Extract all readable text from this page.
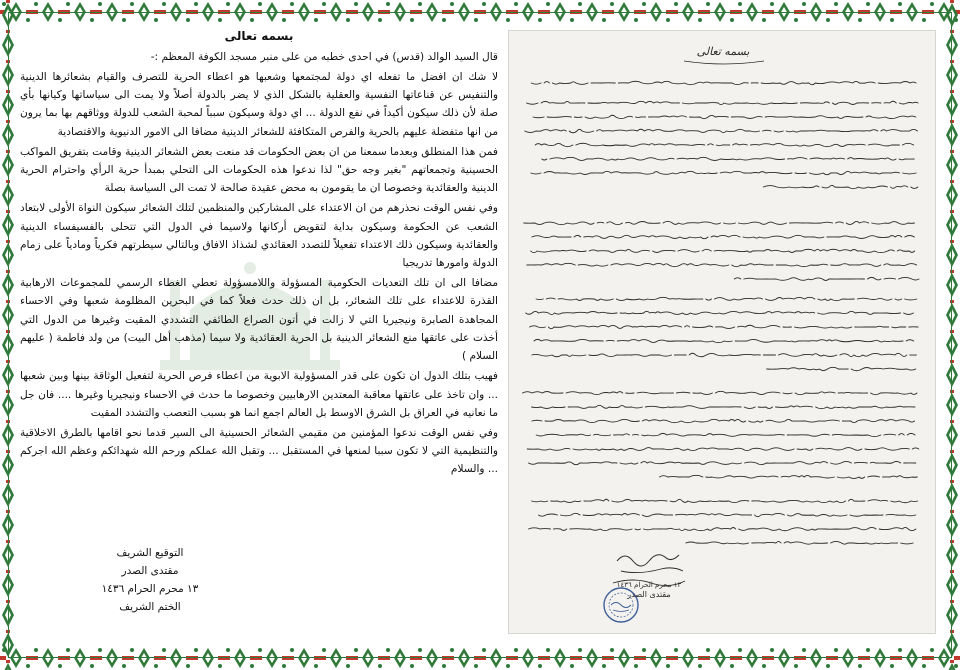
بسمه تعالى

قال السيد الوالد (قدس) في احدى خطبه من على منبر مسجد الكوفة المعظم :-

لا شك ان افضل ما تفعله اي دولة لمجتمعها وشعبها هو اعطاء الحرية للتصرف والقيام بشعائرها الدينية والتنفيس عن قناعاتها النفسية والعقلية بالشكل الذي لا يضر بالدولة أصلاً ولا يمت الى سياساتها وكيانها بأي صلة لأن ذلك سيكون أكيداً في نفع الدولة ... اي دولة وسيكون سبباً لمحبة الشعب للدولة ووثاقهم بها بما يرون من انها متفضلة عليهم بالحرية والفرص المتكافئة للشعائر الدينية مضافا الى الامور الدنيوية والاقتصادية

فمن هذا المنطلق وبعدما سمعنا من ان بعض الحكومات قد منعت بعض الشعائر الدينية وقامت بتفريق المواكب الحسينية وتجمعاتهم "بغير وجه حق" لذا ندعوا هذه الحكومات الى التحلي بمبدأ حرية الرأي واحترام الحرية الدينية والعقائدية وخصوصا ان ما يقومون به محض عقيدة صالحة لا تمت الى السياسة بصلة

وفي نفس الوقت نحذرهم من ان الاعتداء على المشاركين والمنظمين لتلك الشعائر سيكون النواة الأولى لابتعاد الشعب عن الحكومة وسيكون بداية لتقويض أركانها ولاسيما في الدول التي تتحلى بالفسيفساء الدينية والعقائدية وسيكون ذلك الاعتداء تفعيلاً للتصدد العقائدي لشذاذ الافاق وبالتالي سيطرتهم فكرياً ومادياً على زمام الدولة وامورها تدريجيا

مضافا الى ان تلك التعديات الحكومية المسؤولة واللامسؤولة تعطي الغطاء الرسمي للمجموعات الارهابية القذرة للاعتداء على تلك الشعائر، بل ان ذلك حدث فعلاً كما في البحرين المظلومة شعبها وفي الاحساء المجاهدة الصابرة ونيجيريا التي لا زالت في أتون الصراع الطائفي التشددي المقيت وغيرها من الدول التي أخذت على عاتقها منع الشعائر الدينية بل الحرية العقائدية ولا سيما (مذهب أهل البيت) من ولد فاطمة ( عليهم السلام )

فهيب بتلك الدول ان تكون على قدر المسؤولية الابوية من اعطاء فرص الحرية لتفعيل الوثاقة بينها وبين شعبها ... وان تاخذ على عاتقها معاقبة المعتدين الارهابيين وخصوصا ما حدث في الاحساء ونيجيريا وغيرها .... فان جل ما نعانيه في العراق بل الشرق الاوسط بل العالم اجمع انما هو بسبب التعصب والتشدد المقيت

وفي نفس الوقت ندعوا المؤمنين من مقيمي الشعائر الحسينية الى السير قدما نحو اقامها بالطرق الاخلاقية والتنظيمية التي لا تكون سببا لمنعها في المستقبل ... وتقبل الله عملكم ورحم الله شهدائكم وعظم الله اجركم ... والسلام

التوقيع الشريف
مقتدى الصدر
١٣ محرم الحرام ١٤٣٦
الختم الشريف
بسمه تعالى
مقتدى الصدر
١٣ محرم الحرام ١٤٣٦
